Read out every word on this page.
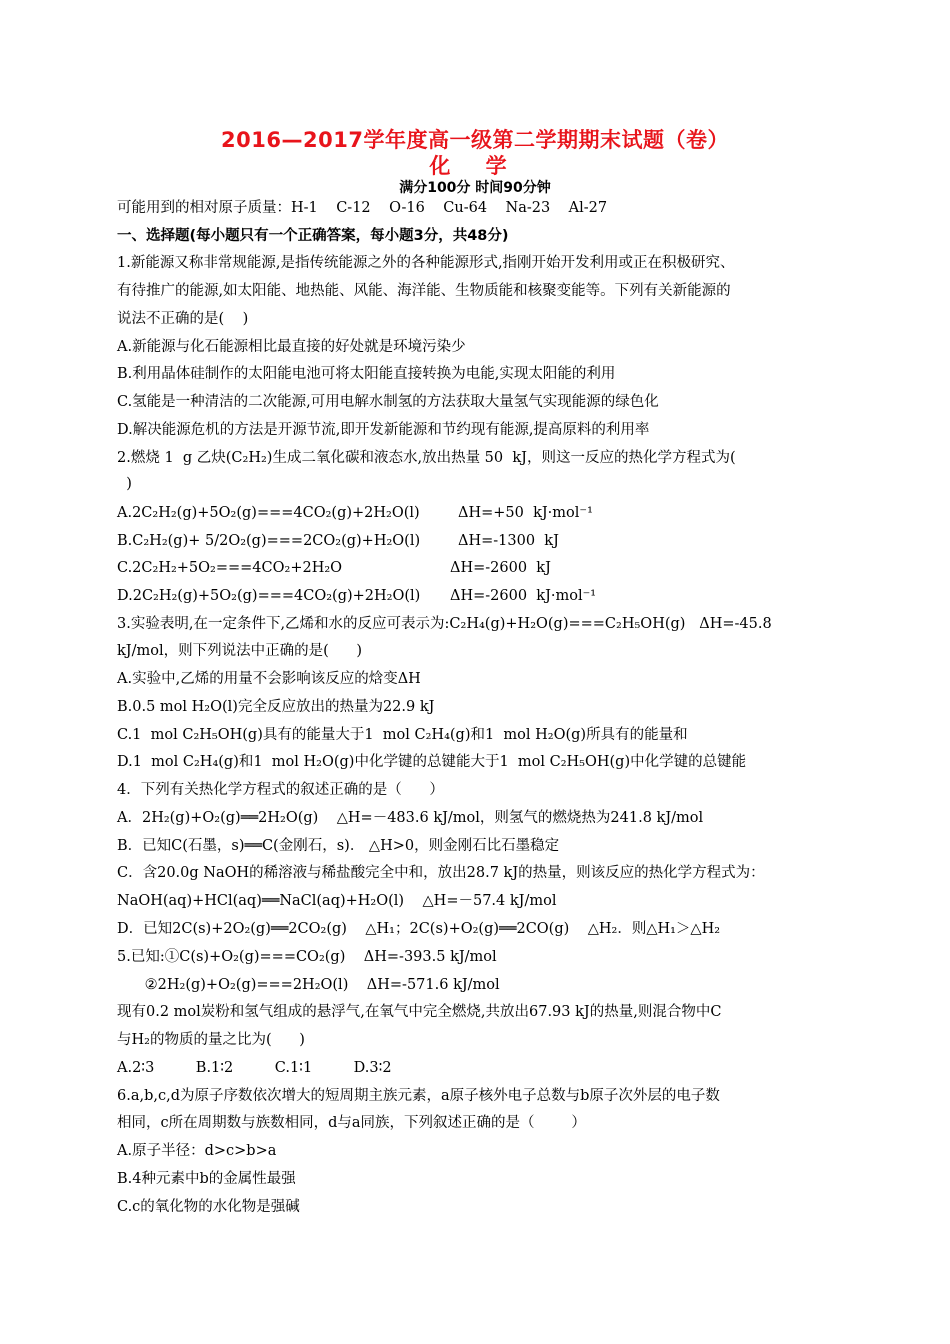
2016—2017学年度高一级第二学期期末试题（卷）
化 学
满分100分 时间90分钟
可能用到的相对原子质量：H-1    C-12    O-16    Cu-64    Na-23    Al-27
一、选择题(每小题只有一个正确答案，每小题3分，共48分)
1.新能源又称非常规能源,是指传统能源之外的各种能源形式,指刚开始开发利用或正在积极研究、
有待推广的能源,如太阳能、地热能、风能、海洋能、生物质能和核聚变能等。下列有关新能源的
说法不正确的是(    )
A.新能源与化石能源相比最直接的好处就是环境污染少
B.利用晶体硅制作的太阳能电池可将太阳能直接转换为电能,实现太阳能的利用
C.氢能是一种清洁的二次能源,可用电解水制氢的方法获取大量氢气实现能源的绿色化
D.解决能源危机的方法是开源节流,即开发新能源和节约现有能源,提高原料的利用率
2.燃烧 1  g 乙炔(C₂H₂)生成二氧化碳和液态水,放出热量 50  kJ，则这一反应的热化学方程式为(
)
A.2C₂H₂(g)+5O₂(g)===4CO₂(g)+2H₂O(l)	ΔH=+50  kJ·mol⁻¹
B.C₂H₂(g)+ 5/2O₂(g)===2CO₂(g)+H₂O(l)	ΔH=-1300  kJ
C.2C₂H₂+5O₂===4CO₂+2H₂O	ΔH=-2600  kJ
D.2C₂H₂(g)+5O₂(g)===4CO₂(g)+2H₂O(l) ΔH=-2600  kJ·mol⁻¹
3.实验表明,在一定条件下,乙烯和水的反应可表示为:C₂H₄(g)+H₂O(g)===C₂H₅OH(g)   ΔH=-45.8
kJ/mol，则下列说法中正确的是(      )
A.实验中,乙烯的用量不会影响该反应的焓变ΔH
B.0.5 mol H₂O(l)完全反应放出的热量为22.9 kJ
C.1  mol C₂H₅OH(g)具有的能量大于1  mol C₂H₄(g)和1  mol H₂O(g)所具有的能量和
D.1  mol C₂H₄(g)和1  mol H₂O(g)中化学键的总键能大于1  mol C₂H₅OH(g)中化学键的总键能
4．下列有关热化学方程式的叙述正确的是（      ）
A．2H₂(g)+O₂(g)══2H₂O(g)    △H=－483.6 kJ/mol，则氢气的燃烧热为241.8 kJ/mol
B．已知C(石墨，s)══C(金刚石，s)． △H>0，则金刚石比石墨稳定
C．含20.0g NaOH的稀溶液与稀盐酸完全中和，放出28.7 kJ的热量，则该反应的热化学方程式为：
NaOH(aq)+HCl(aq)══NaCl(aq)+H₂O(l)    △H=－57.4 kJ/mol
D．已知2C(s)+2O₂(g)══2CO₂(g)    △H₁；2C(s)+O₂(g)══2CO(g)    △H₂．则△H₁＞△H₂
5.已知:①C(s)+O₂(g)===CO₂(g)    ΔH=-393.5 kJ/mol
②2H₂(g)+O₂(g)===2H₂O(l)    ΔH=-571.6 kJ/mol
现有0.2 mol炭粉和氢气组成的悬浮气,在氧气中完全燃烧,共放出67.93 kJ的热量,则混合物中C
与H₂的物质的量之比为(      )
A.2∶3         B.1∶2         C.1∶1         D.3∶2
6.a,b,c,d为原子序数依次增大的短周期主族元素，a原子核外电子总数与b原子次外层的电子数
相同，c所在周期数与族数相同，d与a同族，下列叙述正确的是（        ）
A.原子半径：d>c>b>a
B.4种元素中b的金属性最强
C.c的氧化物的水化物是强碱
